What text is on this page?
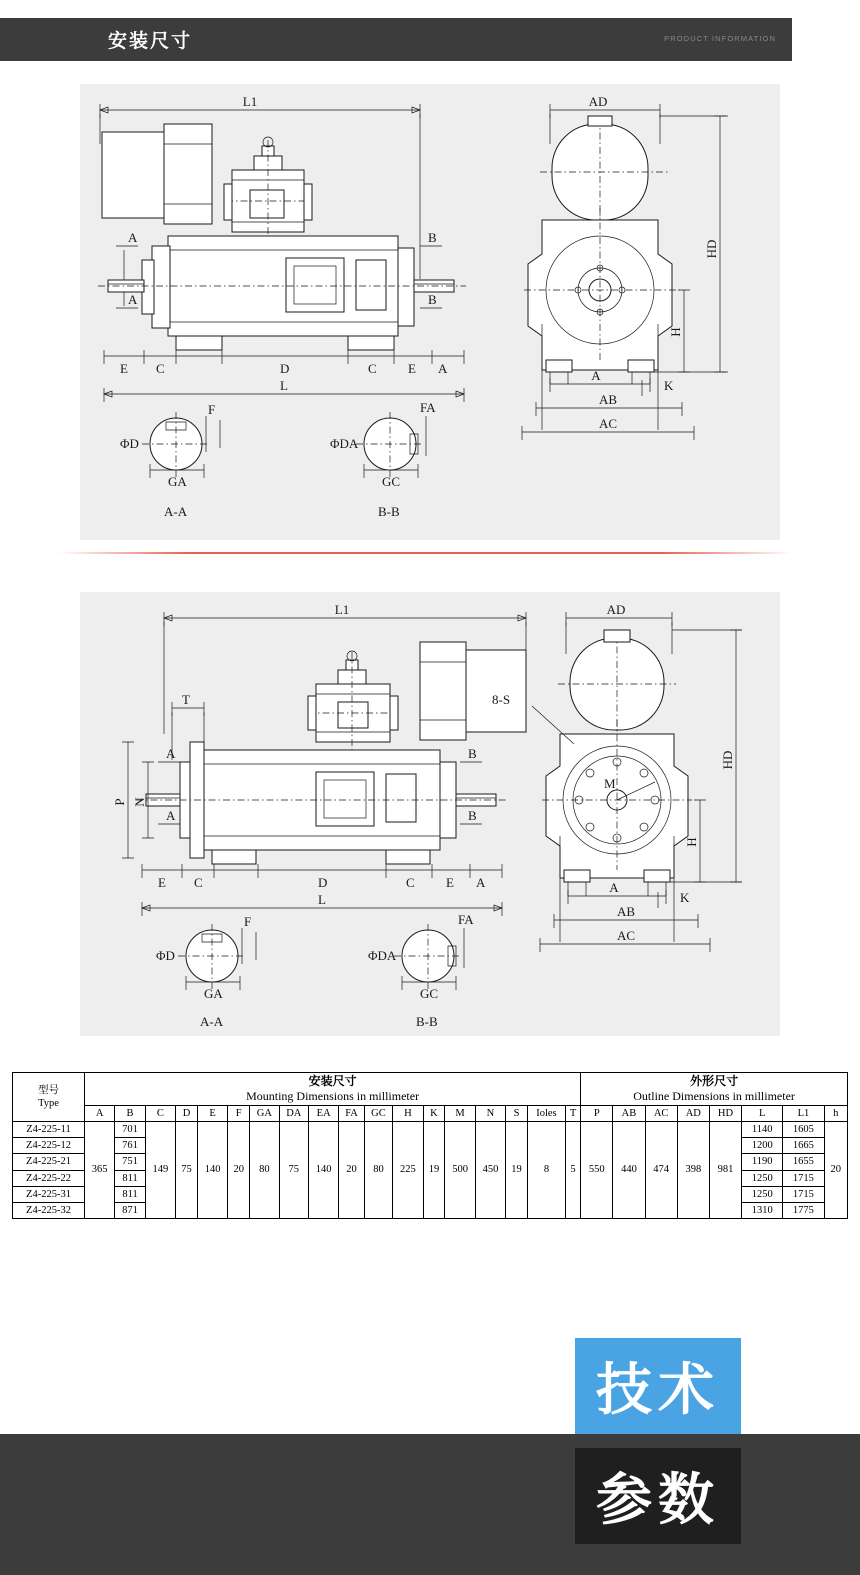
安装尺寸	PRODUCT INFORMATION
L1
A
A
B
B
E C	D	C E A
L
ΦD
F
GA
A-A
ΦDA
FA
GC
B-B
AD
HD
H
A
K
AB
AC
L1
T
P N
A
A
B
B
E C	D	C E A
L
ΦD
F
GA
A-A
ΦDA
FA
GC
B-B
AD
M
8-S
HD
H
A
K
AB
AC
型号
Type

安装尺寸
Mounting Dimensions in millimeter

外形尺寸
Outline Dimensions in millimeter

	A	B	C	D	E	F	GA	DA	EA	FA	GC	H	K	M	N	S	Ioles	T	P	AB	AC	AD	HD	L	L1	h
Z4-225-11	365	701	149	75	140	20	80	75	140	20	80	225	19	500	450	19	8	5	550	440	474	398	981	1140	1605	20
Z4-225-12		761																						1200	1665	
Z4-225-21		751																						1190	1655	
Z4-225-22		811																						1250	1715	
Z4-225-31		811																						1250	1715	
Z4-225-32		871																						1310	1775	
技术
参数
